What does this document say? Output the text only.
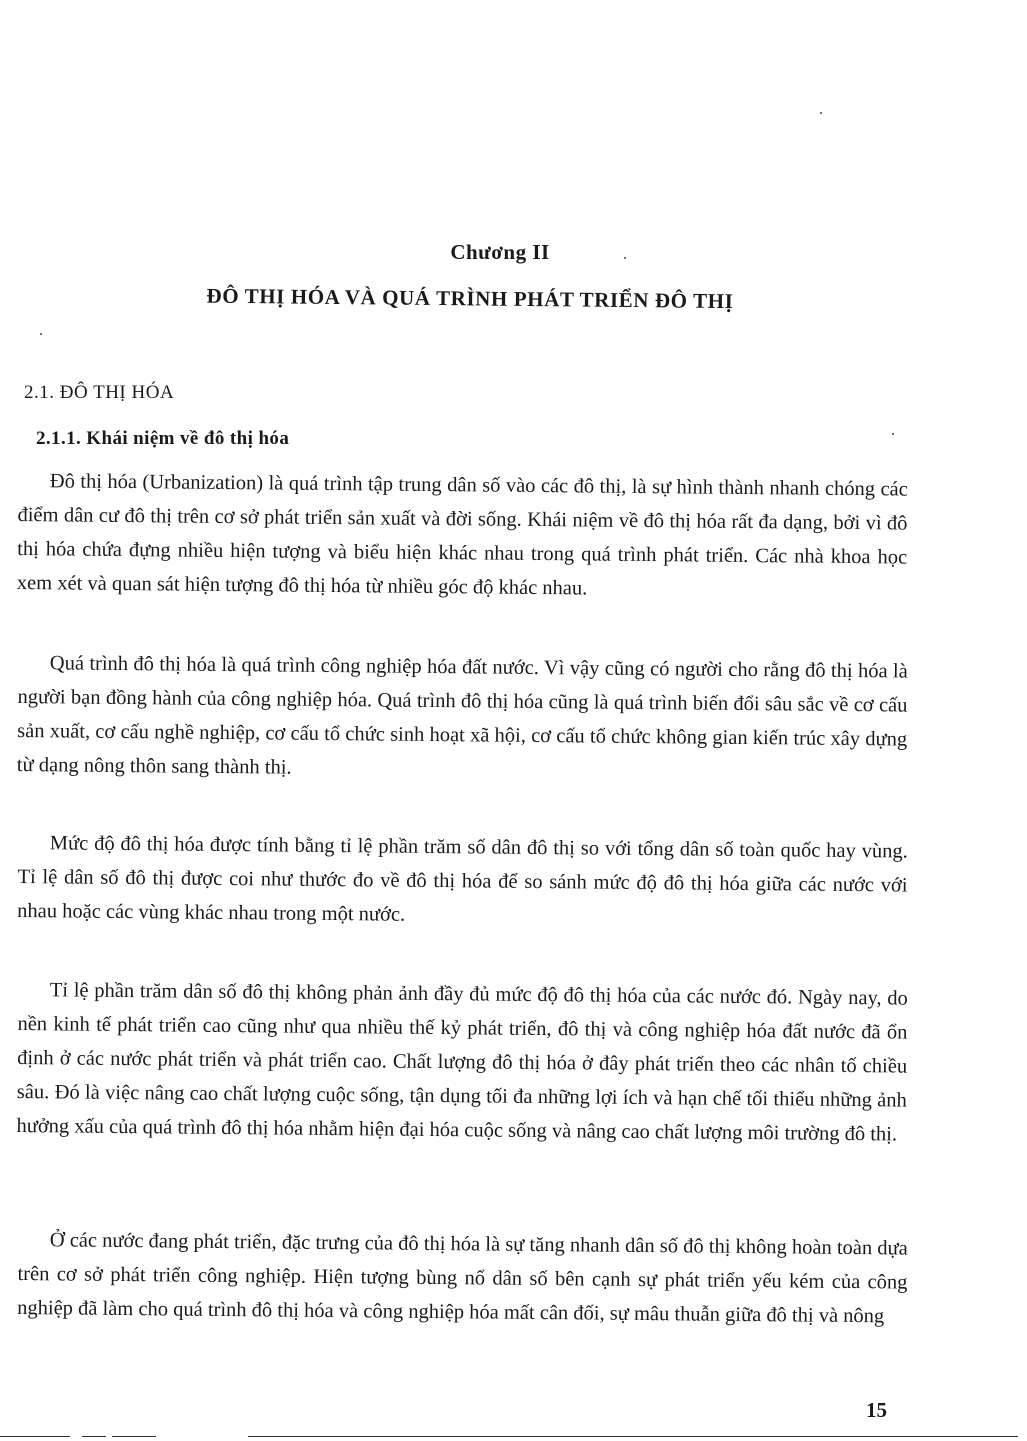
Chương II
ĐÔ THỊ HÓA VÀ QUÁ TRÌNH PHÁT TRIỂN ĐÔ THỊ
2.1. ĐÔ THỊ HÓA
2.1.1. Khái niệm về đô thị hóa
Đô thị hóa (Urbanization) là quá trình tập trung dân số vào các đô thị, là sự hình thành nhanh chóng các điểm dân cư đô thị trên cơ sở phát triển sản xuất và đời sống. Khái niệm về đô thị hóa rất đa dạng, bởi vì đô thị hóa chứa đựng nhiều hiện tượng và biểu hiện khác nhau trong quá trình phát triển. Các nhà khoa học xem xét và quan sát hiện tượng đô thị hóa từ nhiều góc độ khác nhau.
Quá trình đô thị hóa là quá trình công nghiệp hóa đất nước. Vì vậy cũng có người cho rằng đô thị hóa là người bạn đồng hành của công nghiệp hóa. Quá trình đô thị hóa cũng là quá trình biến đổi sâu sắc về cơ cấu sản xuất, cơ cấu nghề nghiệp, cơ cấu tổ chức sinh hoạt xã hội, cơ cấu tổ chức không gian kiến trúc xây dựng từ dạng nông thôn sang thành thị.
Mức độ đô thị hóa được tính bằng tỉ lệ phần trăm số dân đô thị so với tổng dân số toàn quốc hay vùng. Tỉ lệ dân số đô thị được coi như thước đo về đô thị hóa để so sánh mức độ đô thị hóa giữa các nước với nhau hoặc các vùng khác nhau trong một nước.
Tỉ lệ phần trăm dân số đô thị không phản ảnh đầy đủ mức độ đô thị hóa của các nước đó. Ngày nay, do nền kinh tế phát triển cao cũng như qua nhiều thế kỷ phát triển, đô thị và công nghiệp hóa đất nước đã ổn định ở các nước phát triển và phát triển cao. Chất lượng đô thị hóa ở đây phát triển theo các nhân tố chiều sâu. Đó là việc nâng cao chất lượng cuộc sống, tận dụng tối đa những lợi ích và hạn chế tối thiểu những ảnh hưởng xấu của quá trình đô thị hóa nhằm hiện đại hóa cuộc sống và nâng cao chất lượng môi trường đô thị.
Ở các nước đang phát triển, đặc trưng của đô thị hóa là sự tăng nhanh dân số đô thị không hoàn toàn dựa trên cơ sở phát triển công nghiệp. Hiện tượng bùng nổ dân số bên cạnh sự phát triển yếu kém của công nghiệp đã làm cho quá trình đô thị hóa và công nghiệp hóa mất cân đối, sự mâu thuẫn giữa đô thị và nông
15
